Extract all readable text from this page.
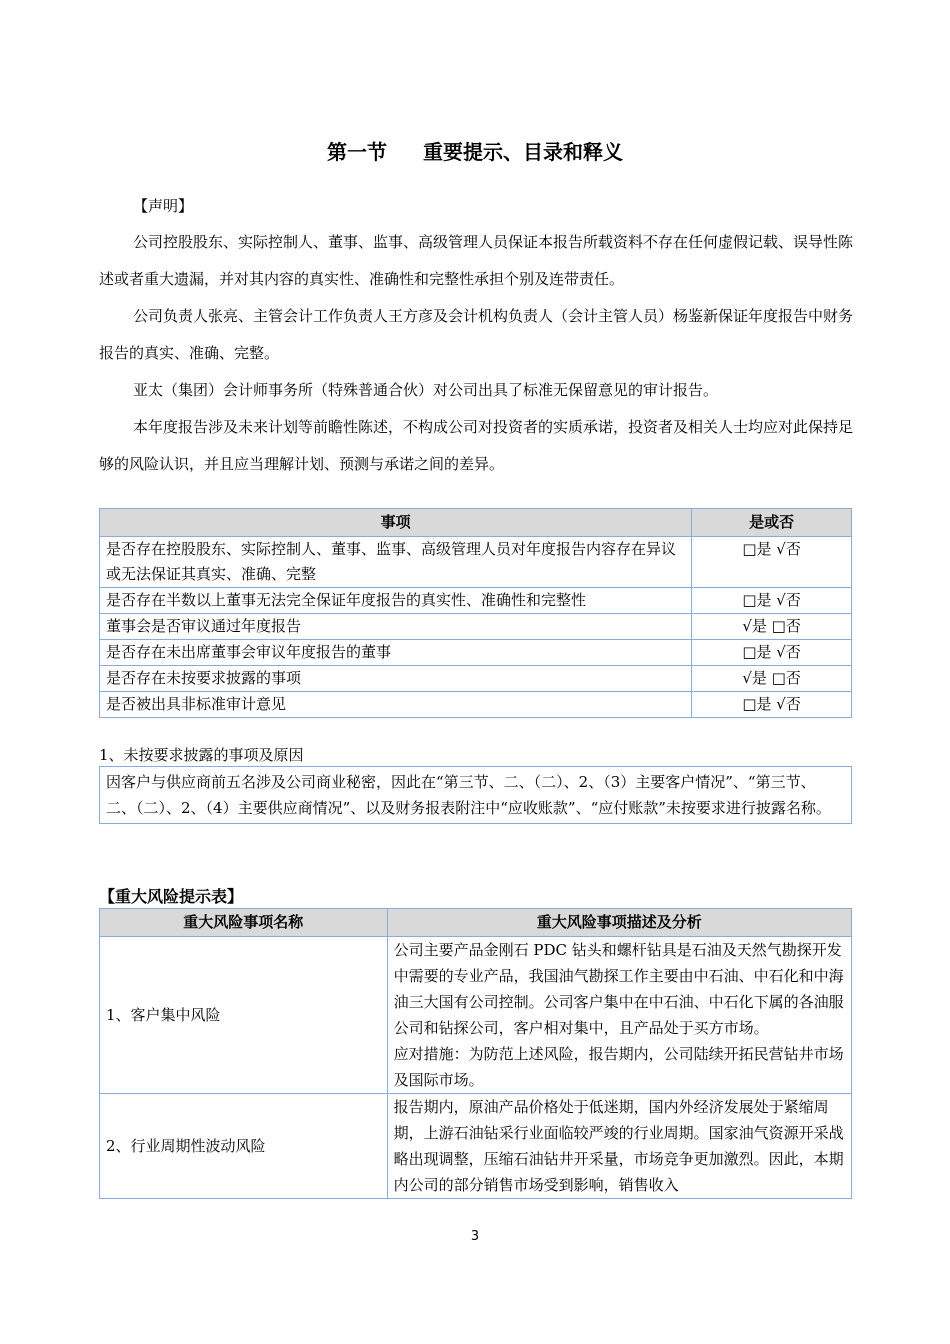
第一节 重要提示、目录和释义

【声明】

公司控股股东、实际控制人、董事、监事、高级管理人员保证本报告所载资料不存在任何虚假记载、误导性陈述或者重大遗漏，并对其内容的真实性、准确性和完整性承担个别及连带责任。

公司负责人张亮、主管会计工作负责人王方彦及会计机构负责人（会计主管人员）杨鉴新保证年度报告中财务报告的真实、准确、完整。

亚太（集团）会计师事务所（特殊普通合伙）对公司出具了标准无保留意见的审计报告。

本年度报告涉及未来计划等前瞻性陈述，不构成公司对投资者的实质承诺，投资者及相关人士均应对此保持足够的风险认识，并且应当理解计划、预测与承诺之间的差异。

事项	是或否
是否存在控股股东、实际控制人、董事、监事、高级管理人员对年度报告内容存在异议或无法保证其真实、准确、完整	□是 √否
是否存在半数以上董事无法完全保证年度报告的真实性、准确性和完整性	□是 √否
董事会是否审议通过年度报告	√是 □否
是否存在未出席董事会审议年度报告的董事	□是 √否
是否存在未按要求披露的事项	√是 □否
是否被出具非标准审计意见	□是 √否
1、未按要求披露的事项及原因
因客户与供应商前五名涉及公司商业秘密，因此在“第三节、二、（二）、2、（3）主要客户情况”、“第三节、二、（二）、2、（4）主要供应商情况”、以及财务报表附注中“应收账款”、“应付账款”未按要求进行披露名称。
【重大风险提示表】
重大风险事项名称	重大风险事项描述及分析
1、客户集中风险	公司主要产品金刚石 PDC 钻头和螺杆钻具是石油及天然气勘探开发中需要的专业产品，我国油气勘探工作主要由中石油、中石化和中海油三大国有公司控制。公司客户集中在中石油、中石化下属的各油服公司和钻探公司，客户相对集中，且产品处于买方市场。
应对措施：为防范上述风险，报告期内，公司陆续开拓民营钻井市场及国际市场。

2、行业周期性波动风险	报告期内，原油产品价格处于低迷期，国内外经济发展处于紧缩周期，上游石油钻采行业面临较严竣的行业周期。国家油气资源开采战略出现调整，压缩石油钻井开采量，市场竞争更加激烈。因此，本期内公司的部分销售市场受到影响，销售收入
3
